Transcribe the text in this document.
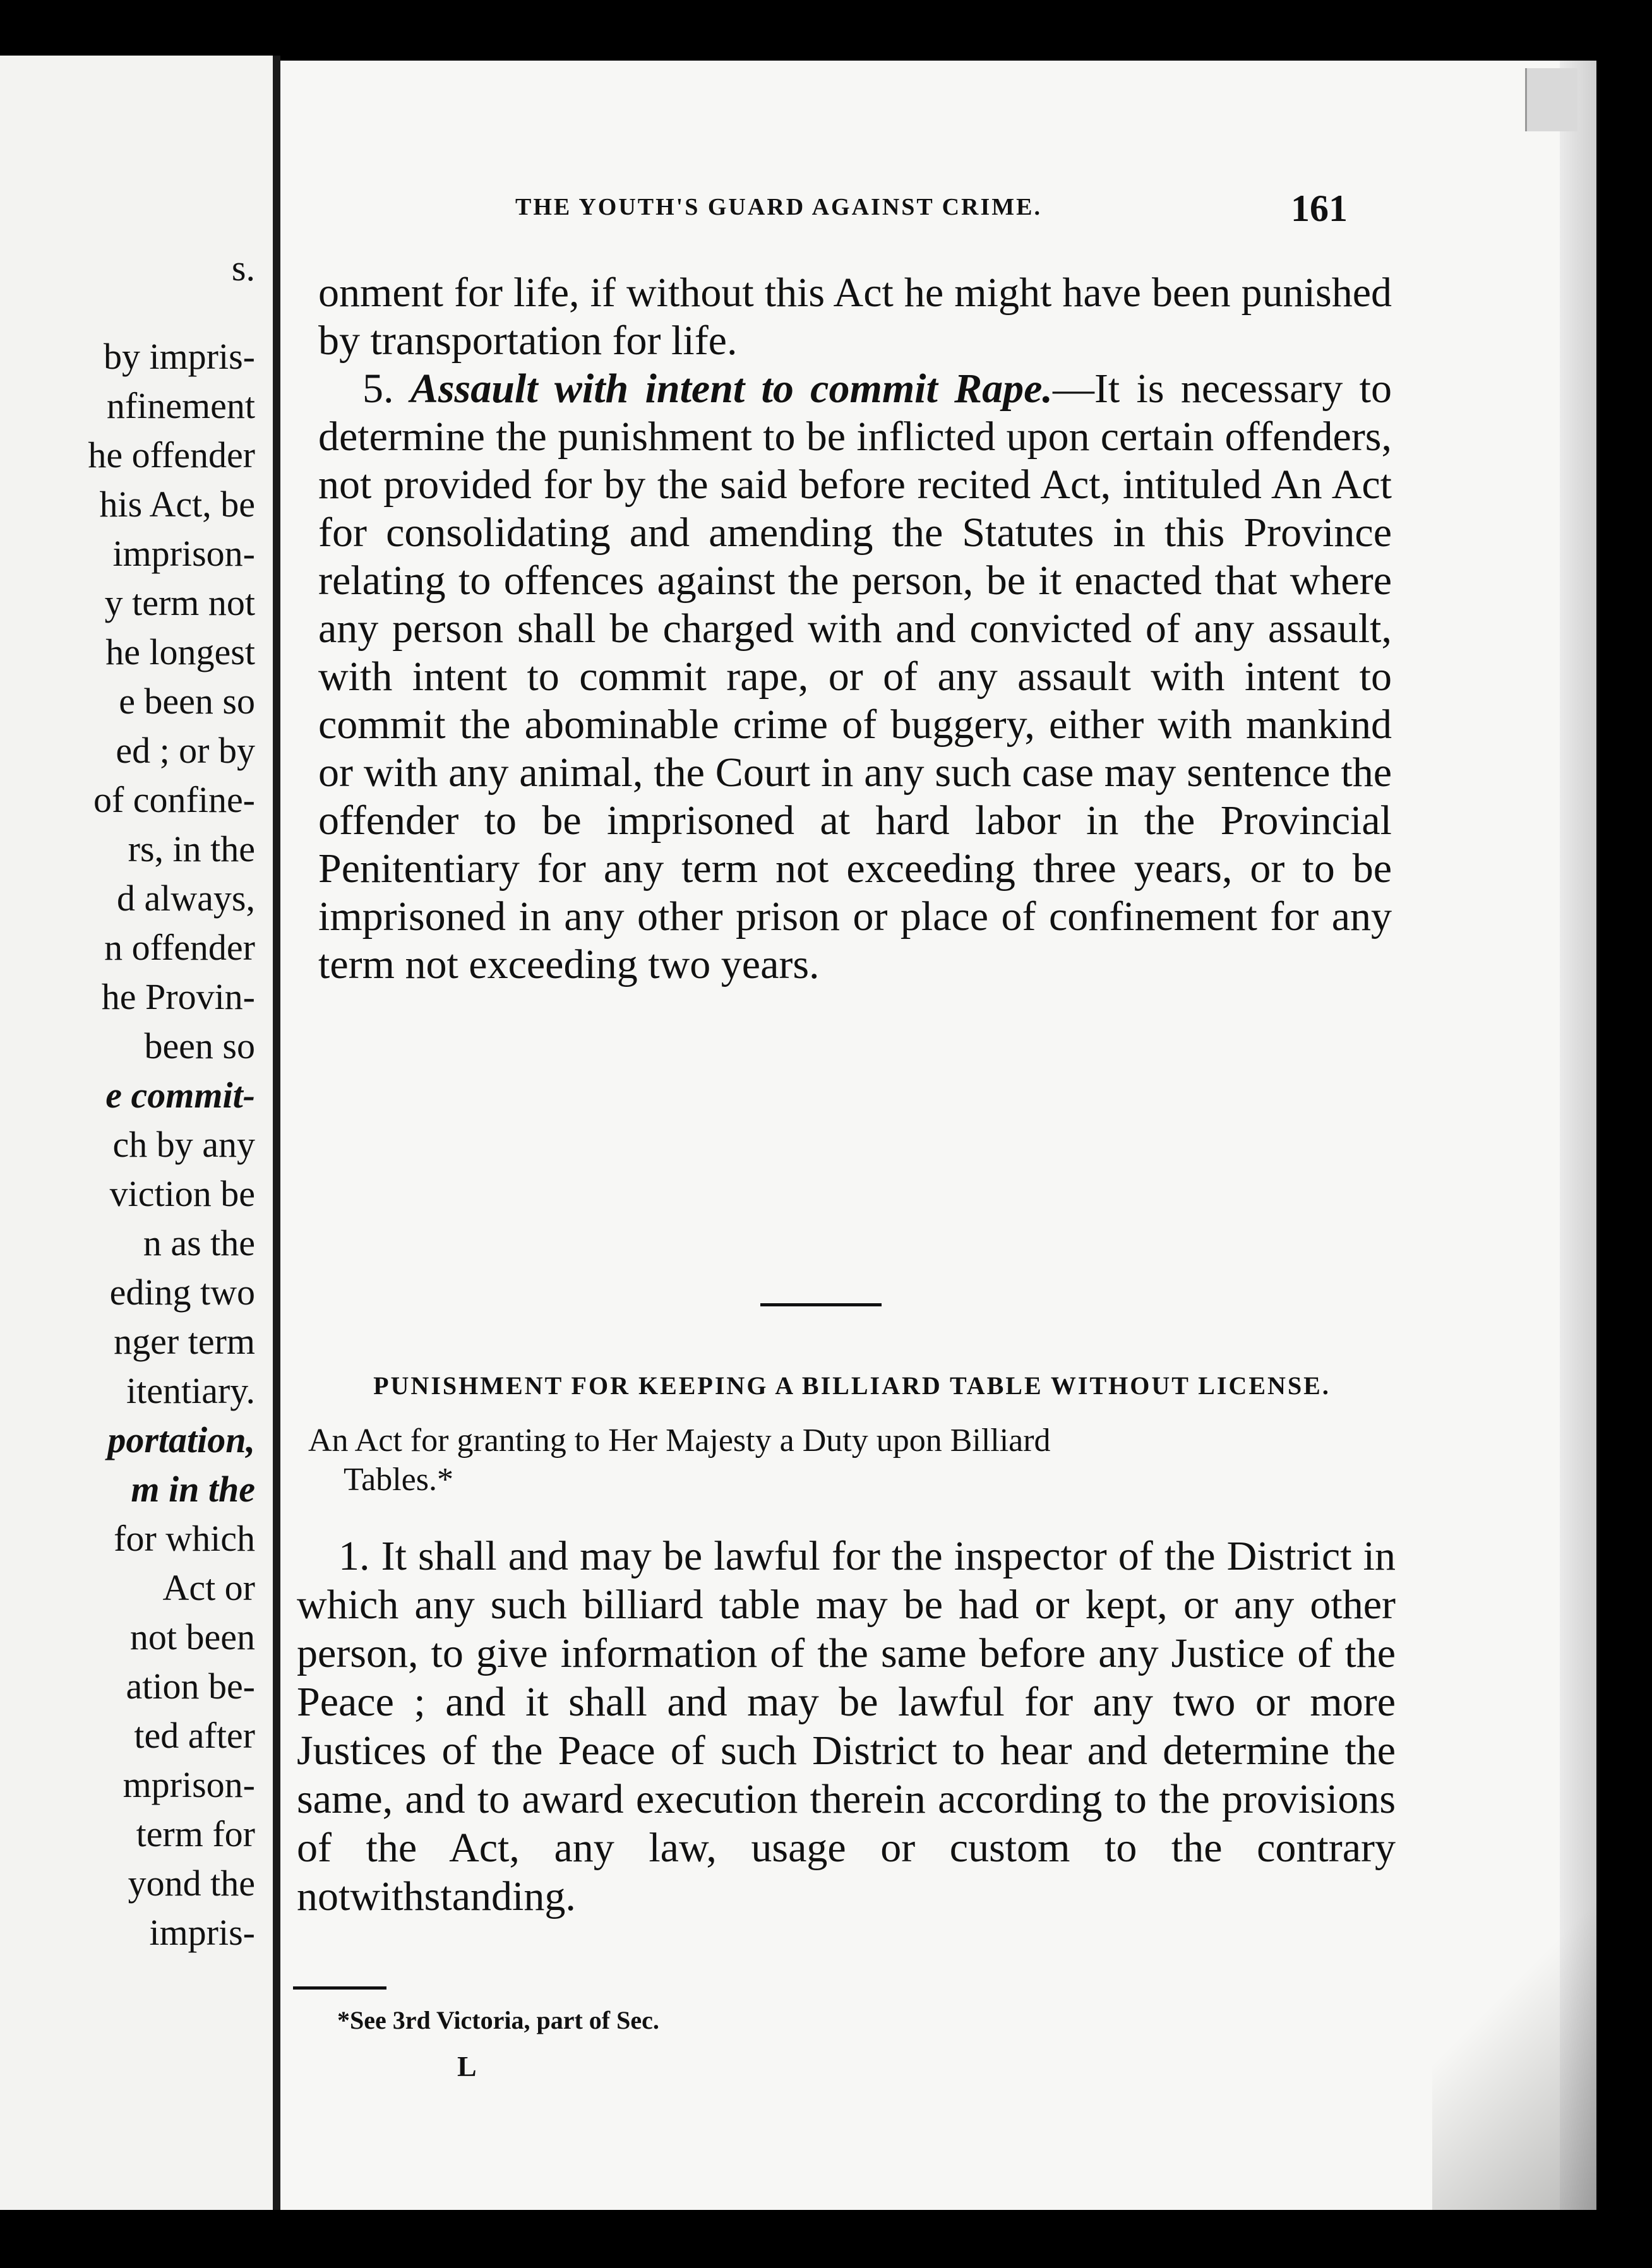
s.
by impris-
nfinement
he offender
his Act, be
imprison-
y term not
he longest
e been so
ed ; or by
of confine-
rs, in the
d always,
n offender
he Provin-
been so
e commit-
ch by any
viction be
n as the
eding two
nger term
itentiary.
portation,
m in the
for which
Act or
not been
ation be-
ted after
mprison-
term for
yond the
impris-
THE YOUTH'S GUARD AGAINST CRIME.	161

onment for life, if without this Act he might have been punished by transportation for life.

5. Assault with intent to commit Rape.—It is necessary to determine the punishment to be inflicted upon certain offenders, not provided for by the said before recited Act, intituled An Act for consolidating and amending the Statutes in this Province relating to offences against the person, be it enacted that where any person shall be charged with and convicted of any assault, with intent to commit rape, or of any assault with intent to commit the abominable crime of buggery, either with mankind or with any animal, the Court in any such case may sentence the offender to be imprisoned at hard labor in the Provincial Penitentiary for any term not exceeding three years, or to be imprisoned in any other prison or place of confinement for any term not exceeding two years.

PUNISHMENT FOR KEEPING A BILLIARD TABLE WITHOUT LICENSE.
An Act for granting to Her Majesty a Duty upon Billiard
Tables.*

1. It shall and may be lawful for the inspector of the District in which any such billiard table may be had or kept, or any other person, to give information of the same before any Justice of the Peace ; and it shall and may be lawful for any two or more Justices of the Peace of such District to hear and determine the same, and to award execution therein according to the provisions of the Act, any law, usage or custom to the contrary notwithstanding.

*See 3rd Victoria, part of Sec.
L
